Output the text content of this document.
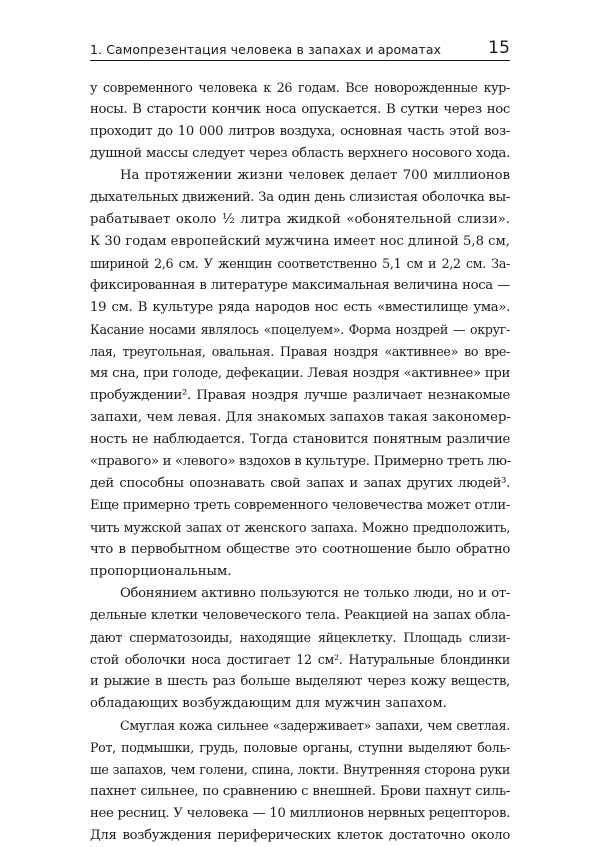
1. Самопрезентация человека в запахах и ароматах	15
у современного человека к 26 годам. Все новорожденные кур-
носы. В старости кончик носа опускается. В сутки через нос
проходит до 10 000 литров воздуха, основная часть этой воз-
душной массы следует через область верхнего носового хода.
На протяжении жизни человек делает 700 миллионов
дыхательных движений. За один день слизистая оболочка вы-
рабатывает около ¹⁄₂ литра жидкой «обонятельной слизи».
К 30 годам европейский мужчина имеет нос длиной 5,8 см,
шириной 2,6 см. У женщин соответственно 5,1 см и 2,2 см. За-
фиксированная в литературе максимальная величина носа —
19 см. В культуре ряда народов нос есть «вместилище ума».
Касание носами являлось «поцелуем». Форма ноздрей — округ-
лая, треугольная, овальная. Правая ноздря «активнее» во вре-
мя сна, при голоде, дефекации. Левая ноздря «активнее» при
пробуждении². Правая ноздря лучше различает незнакомые
запахи, чем левая. Для знакомых запахов такая закономер-
ность не наблюдается. Тогда становится понятным различие
«правого» и «левого» вздохов в культуре. Примерно треть лю-
дей способны опознавать свой запах и запах других людей³.
Еще примерно треть современного человечества может отли-
чить мужской запах от женского запаха. Можно предположить,
что в первобытном обществе это соотношение было обратно
пропорциональным.
Обонянием активно пользуются не только люди, но и от-
дельные клетки человеческого тела. Реакцией на запах обла-
дают сперматозоиды, находящие яйцеклетку. Площадь слизи-
стой оболочки носа достигает 12 см². Натуральные блондинки
и рыжие в шесть раз больше выделяют через кожу веществ,
обладающих возбуждающим для мужчин запахом.
Смуглая кожа сильнее «задерживает» запахи, чем светлая.
Рот, подмышки, грудь, половые органы, ступни выделяют боль-
ше запахов, чем голени, спина, локти. Внутренняя сторона руки
пахнет сильнее, по сравнению с внешней. Брови пахнут силь-
нее ресниц. У человека — 10 миллионов нервных рецепторов.
Для возбуждения периферических клеток достаточно около
